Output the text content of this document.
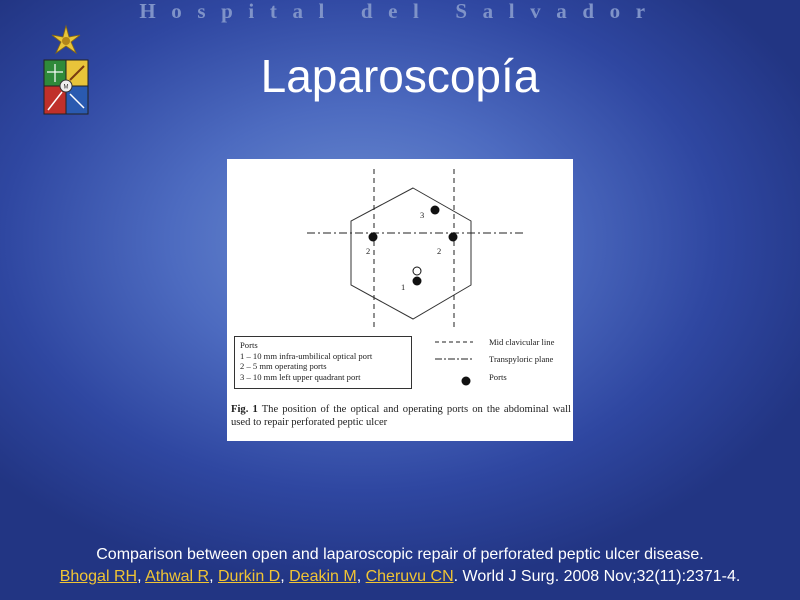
Hospital del Salvador
M	Laparoscopía
3
2	2
1
Ports
1 – 10 mm infra-umbilical optical port
2 – 5 mm operating ports
3 – 10 mm left upper quadrant port
Mid clavicular line
Transpyloric plane
Ports
Fig. 1 The position of the optical and operating ports on the abdominal wall used to repair perforated peptic ulcer
Comparison between open and laparoscopic repair of perforated peptic ulcer disease.
Bhogal RH, Athwal R, Durkin D, Deakin M, Cheruvu CN. World J Surg. 2008 Nov;32(11):2371-4.
